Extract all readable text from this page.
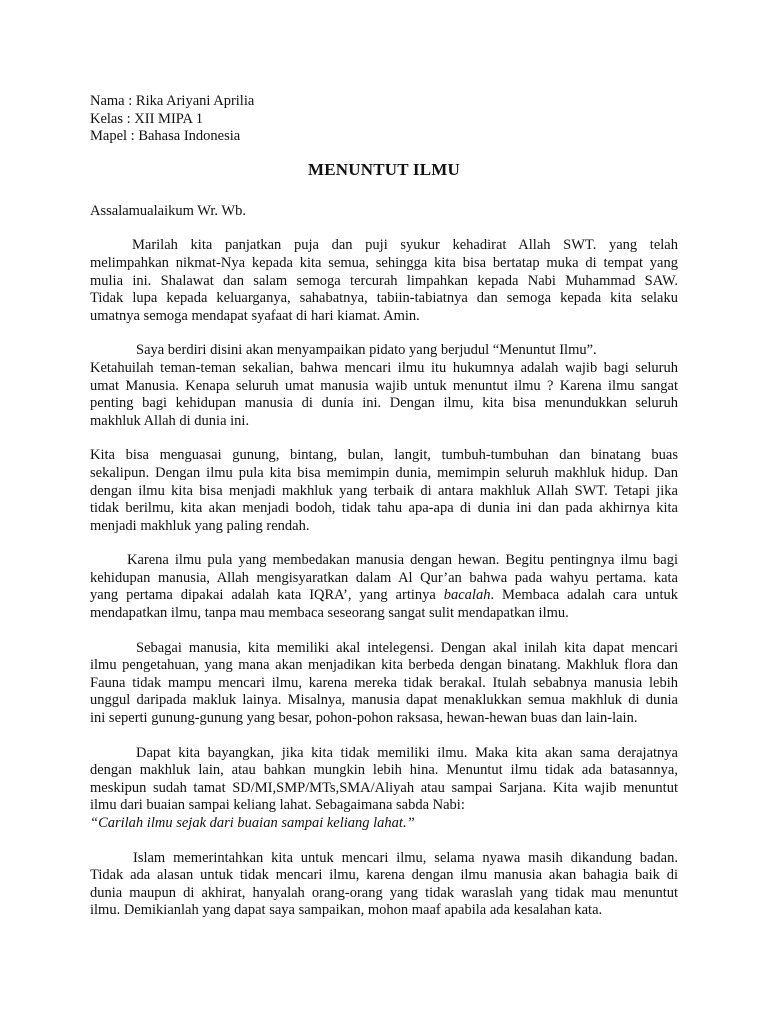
Nama : Rika Ariyani Aprilia

Kelas : XII MIPA 1

Mapel : Bahasa Indonesia

MENUNTUT ILMU

Assalamualaikum Wr. Wb.

Marilah kita panjatkan puja dan puji syukur kehadirat Allah SWT. yang telah
melimpahkan nikmat-Nya kepada kita semua, sehingga kita bisa bertatap muka di tempat yang
mulia ini. Shalawat dan salam semoga tercurah limpahkan kepada Nabi Muhammad SAW.
Tidak lupa kepada keluarganya, sahabatnya, tabiin-tabiatnya dan semoga kepada kita selaku
umatnya semoga mendapat syafaat di hari kiamat. Amin.
Saya berdiri disini akan menyampaikan pidato yang berjudul “Menuntut Ilmu”.
Ketahuilah teman-teman sekalian, bahwa mencari ilmu itu hukumnya adalah wajib bagi seluruh
umat Manusia. Kenapa seluruh umat manusia wajib untuk menuntut ilmu ? Karena ilmu sangat
penting bagi kehidupan manusia di dunia ini. Dengan ilmu, kita bisa menundukkan seluruh
makhluk Allah di dunia ini.
Kita bisa menguasai gunung, bintang, bulan, langit, tumbuh-tumbuhan dan binatang buas
sekalipun. Dengan ilmu pula kita bisa memimpin dunia, memimpin seluruh makhluk hidup. Dan
dengan ilmu kita bisa menjadi makhluk yang terbaik di antara makhluk Allah SWT. Tetapi jika
tidak berilmu, kita akan menjadi bodoh, tidak tahu apa-apa di dunia ini dan pada akhirnya kita
menjadi makhluk yang paling rendah.
Karena ilmu pula yang membedakan manusia dengan hewan. Begitu pentingnya ilmu bagi
kehidupan manusia, Allah mengisyaratkan dalam Al Qur’an bahwa pada wahyu pertama. kata
yang pertama dipakai adalah kata IQRA’, yang artinya bacalah. Membaca adalah cara untuk
mendapatkan ilmu, tanpa mau membaca seseorang sangat sulit mendapatkan ilmu.
Sebagai manusia, kita memiliki akal intelegensi. Dengan akal inilah kita dapat mencari
ilmu pengetahuan, yang mana akan menjadikan kita berbeda dengan binatang. Makhluk flora dan
Fauna tidak mampu mencari ilmu, karena mereka tidak berakal. Itulah sebabnya manusia lebih
unggul daripada makluk lainya. Misalnya, manusia dapat menaklukkan semua makhluk di dunia
ini seperti gunung-gunung yang besar, pohon-pohon raksasa, hewan-hewan buas dan lain-lain.
Dapat kita bayangkan, jika kita tidak memiliki ilmu. Maka kita akan sama derajatnya
dengan makhluk lain, atau bahkan mungkin lebih hina. Menuntut ilmu tidak ada batasannya,
meskipun sudah tamat SD/MI,SMP/MTs,SMA/Aliyah atau sampai Sarjana. Kita wajib menuntut
ilmu dari buaian sampai keliang lahat. Sebagaimana sabda Nabi:
“Carilah ilmu sejak dari buaian sampai keliang lahat.”
Islam memerintahkan kita untuk mencari ilmu, selama nyawa masih dikandung badan.
Tidak ada alasan untuk tidak mencari ilmu, karena dengan ilmu manusia akan bahagia baik di
dunia maupun di akhirat, hanyalah orang-orang yang tidak waraslah yang tidak mau menuntut
ilmu. Demikianlah yang dapat saya sampaikan, mohon maaf apabila ada kesalahan kata.
